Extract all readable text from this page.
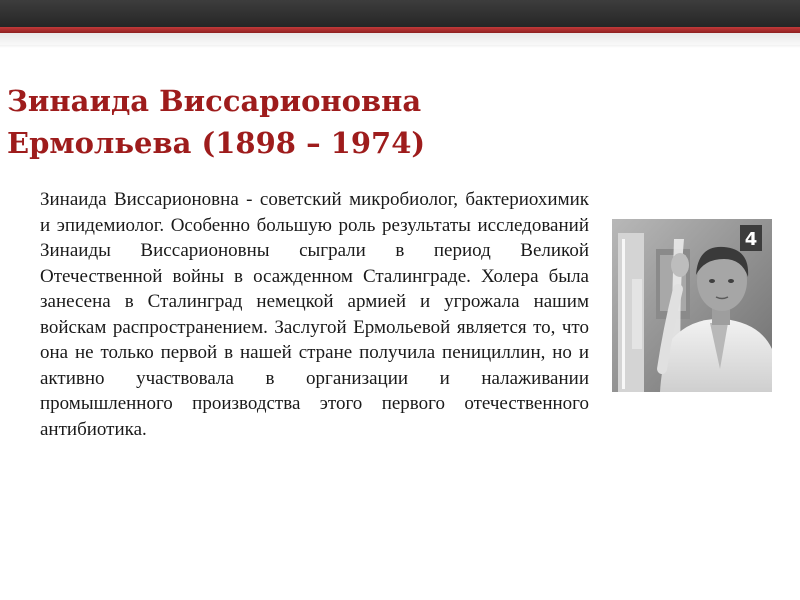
Зинаида Виссарионовна
Ермольева (1898 – 1974)

Зинаида Виссарионовна - советский микробиолог, бактериохимик и эпидемиолог. Особенно большую роль результаты исследований Зинаиды Виссарионовны сыграли в период Великой Отечественной войны в осажденном Сталинграде. Холера была занесена в Сталинград немецкой армией и угрожала нашим войскам распространением. Заслугой Ермольевой является то, что она не только первой в нашей стране получила пенициллин, но и активно участвовала в организации и налаживании промышленного производства этого первого отечественного антибиотика.

4
